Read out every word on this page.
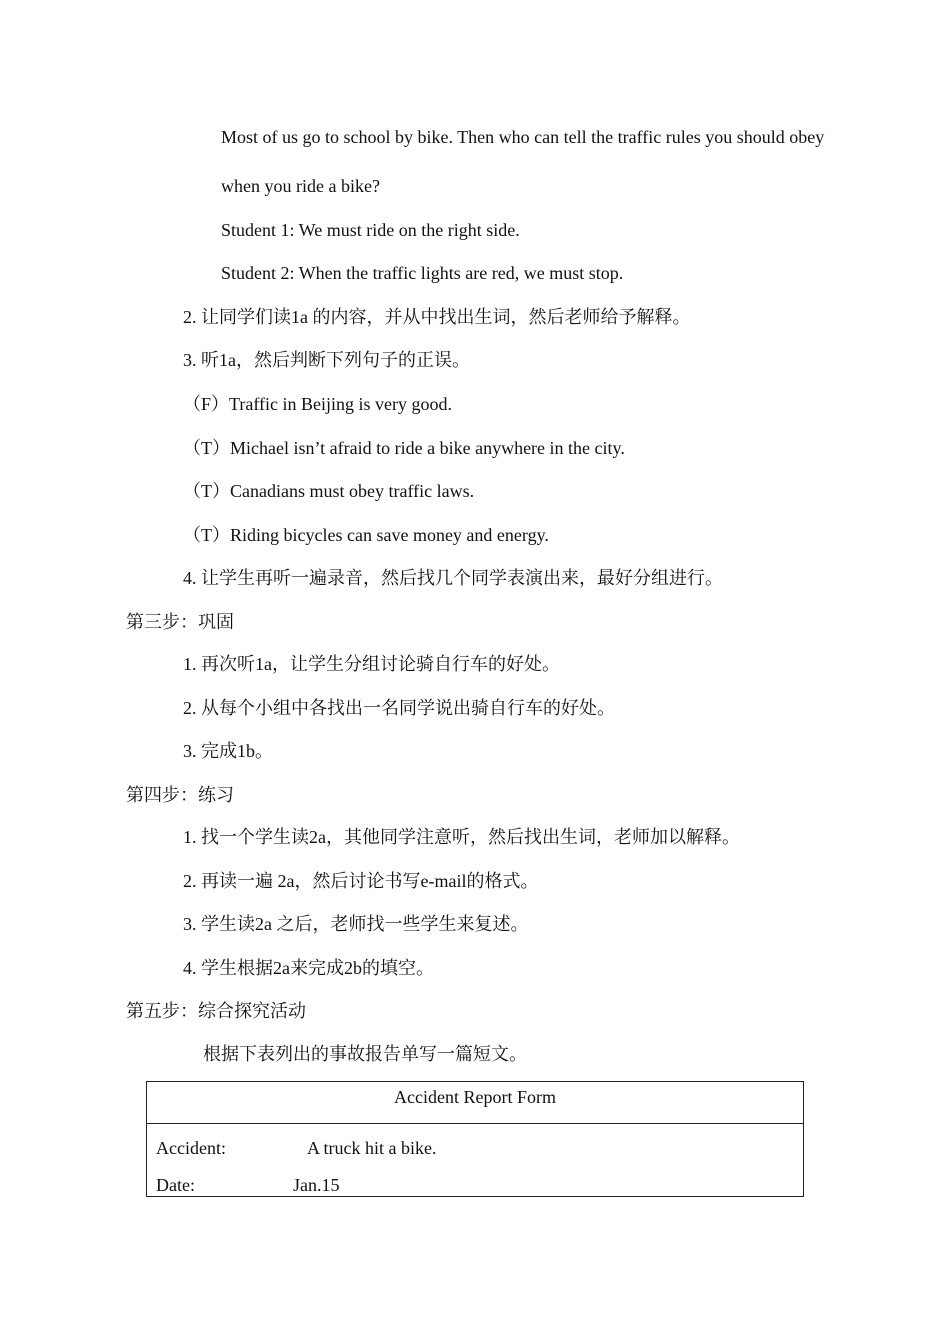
Most of us go to school by bike. Then who can tell the traffic rules you should obey
when you ride a bike?
Student 1: We must ride on the right side.
Student 2: When the traffic lights are red, we must stop.
2. 让同学们读1a 的内容，并从中找出生词，然后老师给予解释。
3. 听1a，然后判断下列句子的正误。
（F）Traffic in Beijing is very good.
（T）Michael isn’t afraid to ride a bike anywhere in the city.
（T）Canadians must obey traffic laws.
（T）Riding bicycles can save money and energy.
4. 让学生再听一遍录音，然后找几个同学表演出来，最好分组进行。
第三步：巩固
1. 再次听1a，让学生分组讨论骑自行车的好处。
2. 从每个小组中各找出一名同学说出骑自行车的好处。
3. 完成1b。
第四步：练习
1. 找一个学生读2a，其他同学注意听，然后找出生词，老师加以解释。
2. 再读一遍 2a，然后讨论书写e-mail的格式。
3. 学生读2a 之后，老师找一些学生来复述。
4. 学生根据2a来完成2b的填空。
第五步：综合探究活动
根据下表列出的事故报告单写一篇短文。
Accident Report Form
Accident:	A truck hit a bike.
Date:	Jan.15
